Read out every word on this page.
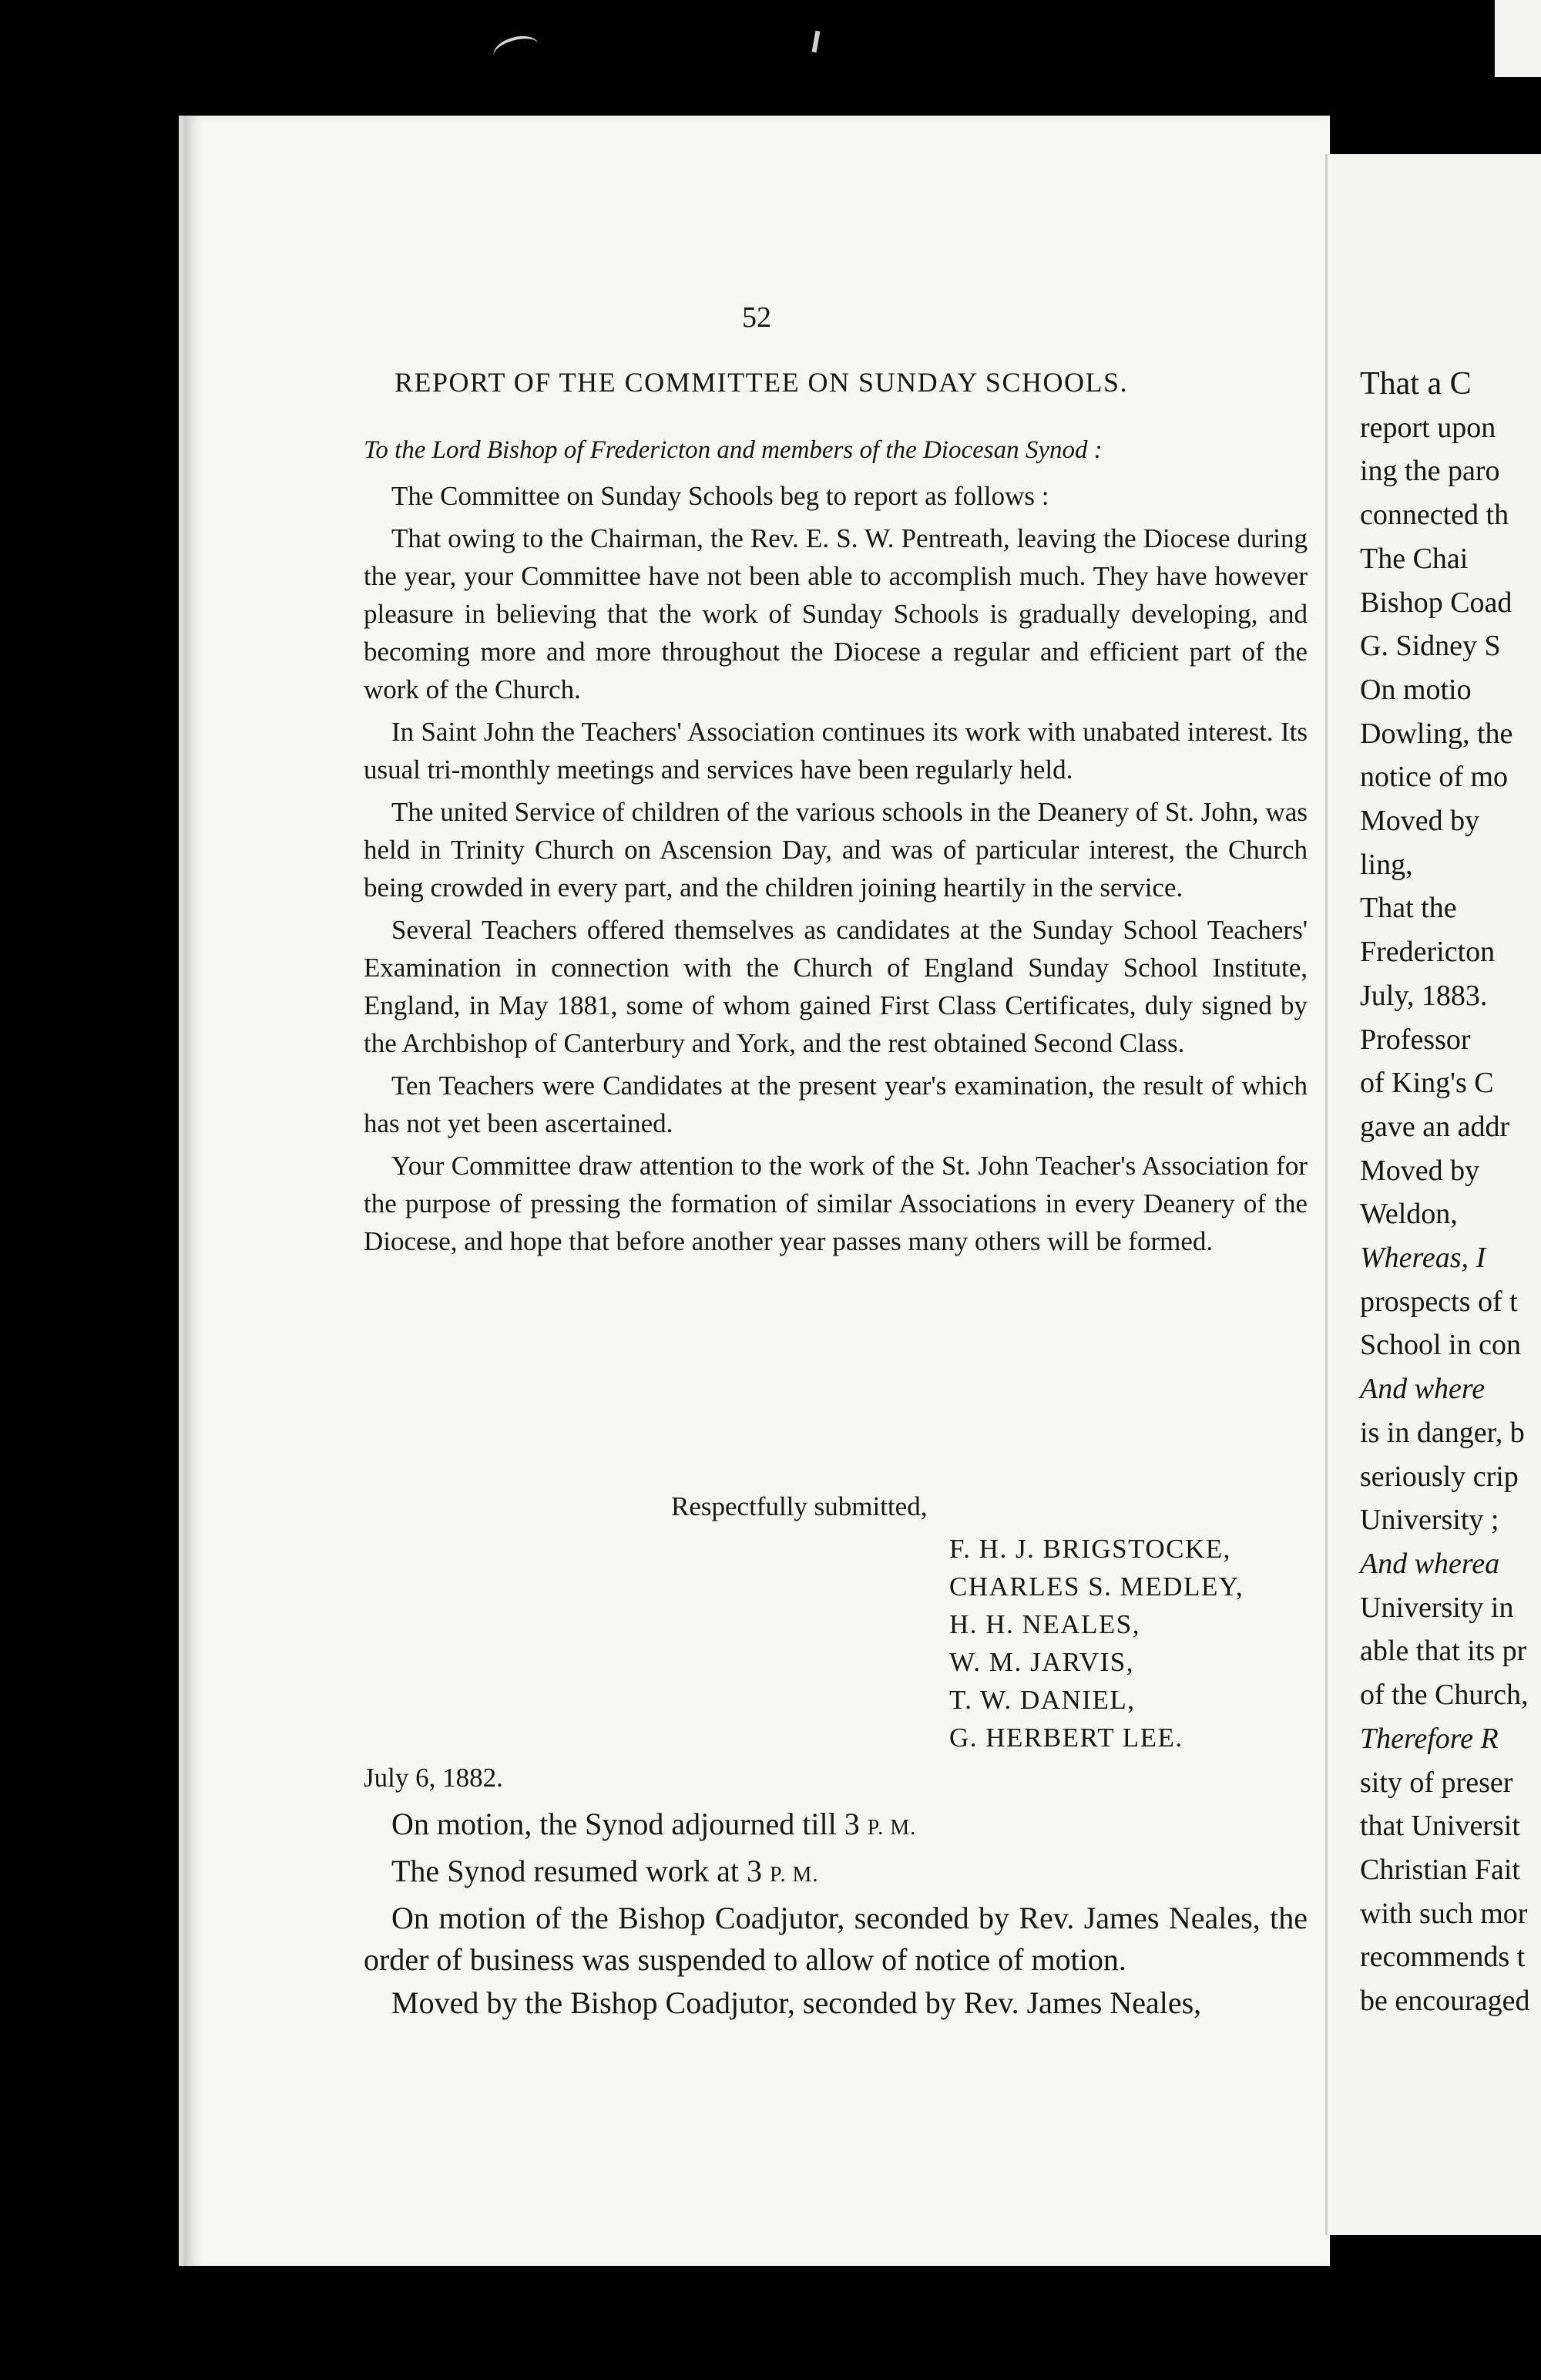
52
REPORT OF THE COMMITTEE ON SUNDAY SCHOOLS.
To the Lord Bishop of Fredericton and members of the Diocesan Synod :

The Committee on Sunday Schools beg to report as follows :

That owing to the Chairman, the Rev. E. S. W. Pentreath, leaving the Diocese during the year, your Committee have not been able to accomplish much. They have however pleasure in believing that the work of Sunday Schools is gradually developing, and becoming more and more throughout the Diocese a regular and efficient part of the work of the Church.

In Saint John the Teachers' Association continues its work with unabated interest. Its usual tri-monthly meetings and services have been regularly held.

The united Service of children of the various schools in the Deanery of St. John, was held in Trinity Church on Ascension Day, and was of particular interest, the Church being crowded in every part, and the children joining heartily in the service.

Several Teachers offered themselves as candidates at the Sunday School Teachers' Examination in connection with the Church of England Sunday School Institute, England, in May 1881, some of whom gained First Class Certificates, duly signed by the Archbishop of Canterbury and York, and the rest obtained Second Class.

Ten Teachers were Candidates at the present year's examination, the result of which has not yet been ascertained.

Your Committee draw attention to the work of the St. John Teacher's Association for the purpose of pressing the formation of similar Associations in every Deanery of the Diocese, and hope that before another year passes many others will be formed.

Respectfully submitted,
F. H. J. BRIGSTOCKE,
CHARLES S. MEDLEY,
H. H. NEALES,
W. M. JARVIS,
T. W. DANIEL,
G. HERBERT LEE.
July 6, 1882.

On motion, the Synod adjourned till 3 P. M.

The Synod resumed work at 3 P. M.

On motion of the Bishop Coadjutor, seconded by Rev. James Neales, the order of business was suspended to allow of notice of motion.

Moved by the Bishop Coadjutor, seconded by Rev. James Neales,

That a C
report upon
ing the paro
connected th
The Chai
Bishop Coad
G. Sidney S
On motio
Dowling, the
notice of mo
Moved by
ling,
That the
Fredericton
July, 1883.
Professor
of King's C
gave an addr
Moved by
Weldon,
Whereas, I
prospects of t
School in con
And where
is in danger, b
seriously crip
University ;
And wherea
University in
able that its pr
of the Church,
Therefore R
sity of preser
that Universit
Christian Fait
with such mor
recommends t
be encouraged
